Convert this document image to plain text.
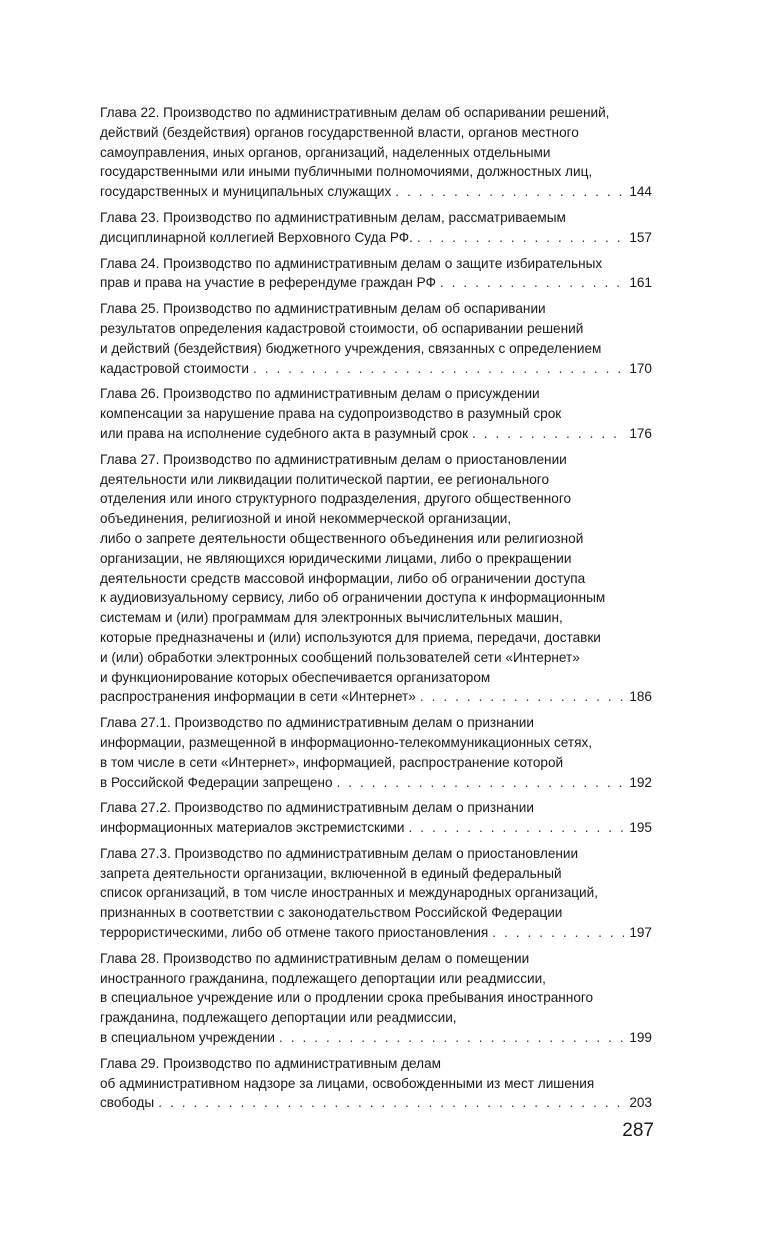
Глава 22. Производство по административным делам об оспаривании решений,
действий (бездействия) органов государственной власти, органов местного
самоуправления, иных органов, организаций, наделенных отдельными
государственными или иными публичными полномочиями, должностных лиц,
государственных и муниципальных служащих . . .	144
Глава 23. Производство по административным делам, рассматриваемым
дисциплинарной коллегией Верховного Суда РФ. . . .	157
Глава 24. Производство по административным делам о защите избирательных
прав и права на участие в референдуме граждан РФ . . .	161
Глава 25. Производство по административным делам об оспаривании
результатов определения кадастровой стоимости, об оспаривании решений
и действий (бездействия) бюджетного учреждения, связанных с определением
кадастровой стоимости . . .	170
Глава 26. Производство по административным делам о присуждении
компенсации за нарушение права на судопроизводство в разумный срок
или права на исполнение судебного акта в разумный срок . . .	176
Глава 27. Производство по административным делам о приостановлении
деятельности или ликвидации политической партии, ее регионального
отделения или иного структурного подразделения, другого общественного
объединения, религиозной и иной некоммерческой организации,
либо о запрете деятельности общественного объединения или религиозной
организации, не являющихся юридическими лицами, либо о прекращении
деятельности средств массовой информации, либо об ограничении доступа
к аудиовизуальному сервису, либо об ограничении доступа к информационным
системам и (или) программам для электронных вычислительных машин,
которые предназначены и (или) используются для приема, передачи, доставки
и (или) обработки электронных сообщений пользователей сети «Интернет»
и функционирование которых обеспечивается организатором
распространения информации в сети «Интернет» . . .	186
Глава 27.1. Производство по административным делам о признании
информации, размещенной в информационно-телекоммуникационных сетях,
в том числе в сети «Интернет», информацией, распространение которой
в Российской Федерации запрещено . . .	192
Глава 27.2. Производство по административным делам о признании
информационных материалов экстремистскими . . .	195
Глава 27.3. Производство по административным делам о приостановлении
запрета деятельности организации, включенной в единый федеральный
список организаций, в том числе иностранных и международных организаций,
признанных в соответствии с законодательством Российской Федерации
террористическими, либо об отмене такого приостановления . . .	197
Глава 28. Производство по административным делам о помещении
иностранного гражданина, подлежащего депортации или реадмиссии,
в специальное учреждение или о продлении срока пребывания иностранного
гражданина, подлежащего депортации или реадмиссии,
в специальном учреждении . . .	199
Глава 29. Производство по административным делам
об административном надзоре за лицами, освобожденными из мест лишения
свободы . . .	203
287
